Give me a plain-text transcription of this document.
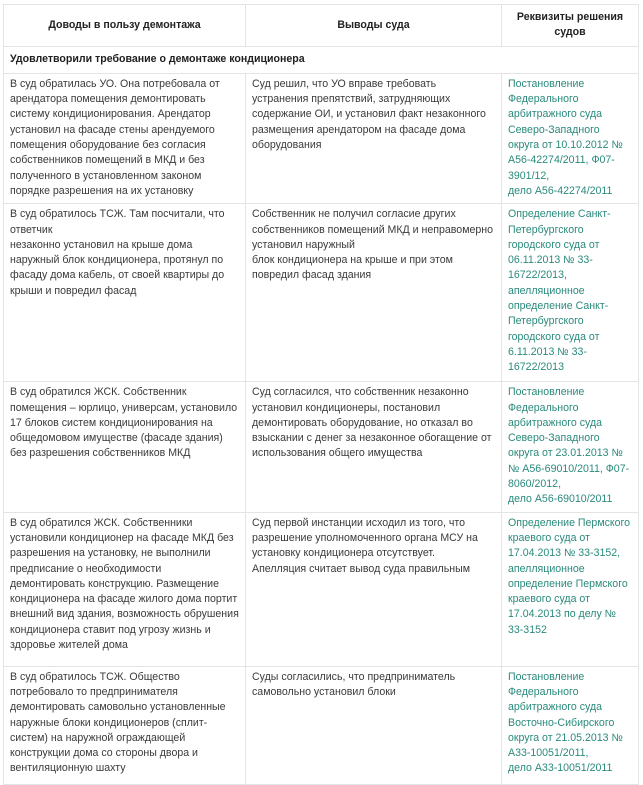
Доводы в пользу демонтажа	Выводы суда	Реквизиты решения судов
Удовлетворили требование о демонтаже кондиционера		
В суд обратилась УО. Она потребовала от арендатора помещения демонтировать систему кондиционирования. Арендатор установил на фасаде стены арендуемого помещения оборудование без согласия собственников помещений в МКД и без полученного в установленном законом порядке разрешения на их установку	Суд решил, что УО вправе требовать устранения препятствий, затрудняющих содержание ОИ, и установил факт незаконного размещения арендатором на фасаде дома оборудования	Постановление Федерального арбитражного суда Северо-Западного округа от 10.10.2012 № А56-42274/2011, Ф07-3901/12,
дело А56-42274/2011
В суд обратилось ТСЖ. Там посчитали, что ответчик
незаконно установил на крыше дома наружный блок кондиционера, протянул по фасаду дома кабель, от своей квартиры до крыши и повредил фасад	Собственник не получил согласие других собственников помещений МКД и неправомерно установил наружный
блок кондиционера на крыше и при этом повредил фасад здания	Определение Санкт-Петербургского городского суда от 06.11.2013 № 33-16722/2013,
апелляционное определение Санкт-Петербургского городского суда от 6.11.2013 № 33-16722/2013
В суд обратился ЖСК. Собственник помещения – юрлицо, универсам, установило 17 блоков систем кондиционирования на общедомовом имуществе (фасаде здания) без разрешения собственников МКД	Суд согласился, что собственник незаконно установил кондиционеры, постановил демонтировать оборудование, но отказал во взыскании с денег за незаконное обогащение от использования общего имущества	Постановление Федерального арбитражного суда Северо-Западного округа от 23.01.2013 № № А56-69010/2011, Ф07-8060/2012,
дело А56-69010/2011
В суд обратился ЖСК. Собственники установили кондиционер на фасаде МКД без разрешения на установку, не выполнили предписание о необходимости демонтировать конструкцию. Размещение кондиционера на фасаде жилого дома портит внешний вид здания, возможность обрушения кондиционера ставит под угрозу жизнь и здоровье жителей дома	Суд первой инстанции исходил из того, что разрешение уполномоченного органа МСУ на установку кондиционера отсутствует.
Апелляция считает вывод суда правильным	Определение Пермского краевого суда от 17.04.2013 № 33-3152,
апелляционное определение Пермского краевого суда от 17.04.2013 по делу № 33-3152
В суд обратилось ТСЖ. Общество потребовало то предпринимателя демонтировать самовольно установленные наружные блоки кондиционеров (сплит-систем) на наружной ограждающей конструкции дома со стороны двора и вентиляционную шахту	Суды согласились, что предприниматель самовольно установил блоки	Постановление Федерального арбитражного суда Восточно-Сибирского округа от 21.05.2013 № А33-10051/2011,
дело А33-10051/2011
